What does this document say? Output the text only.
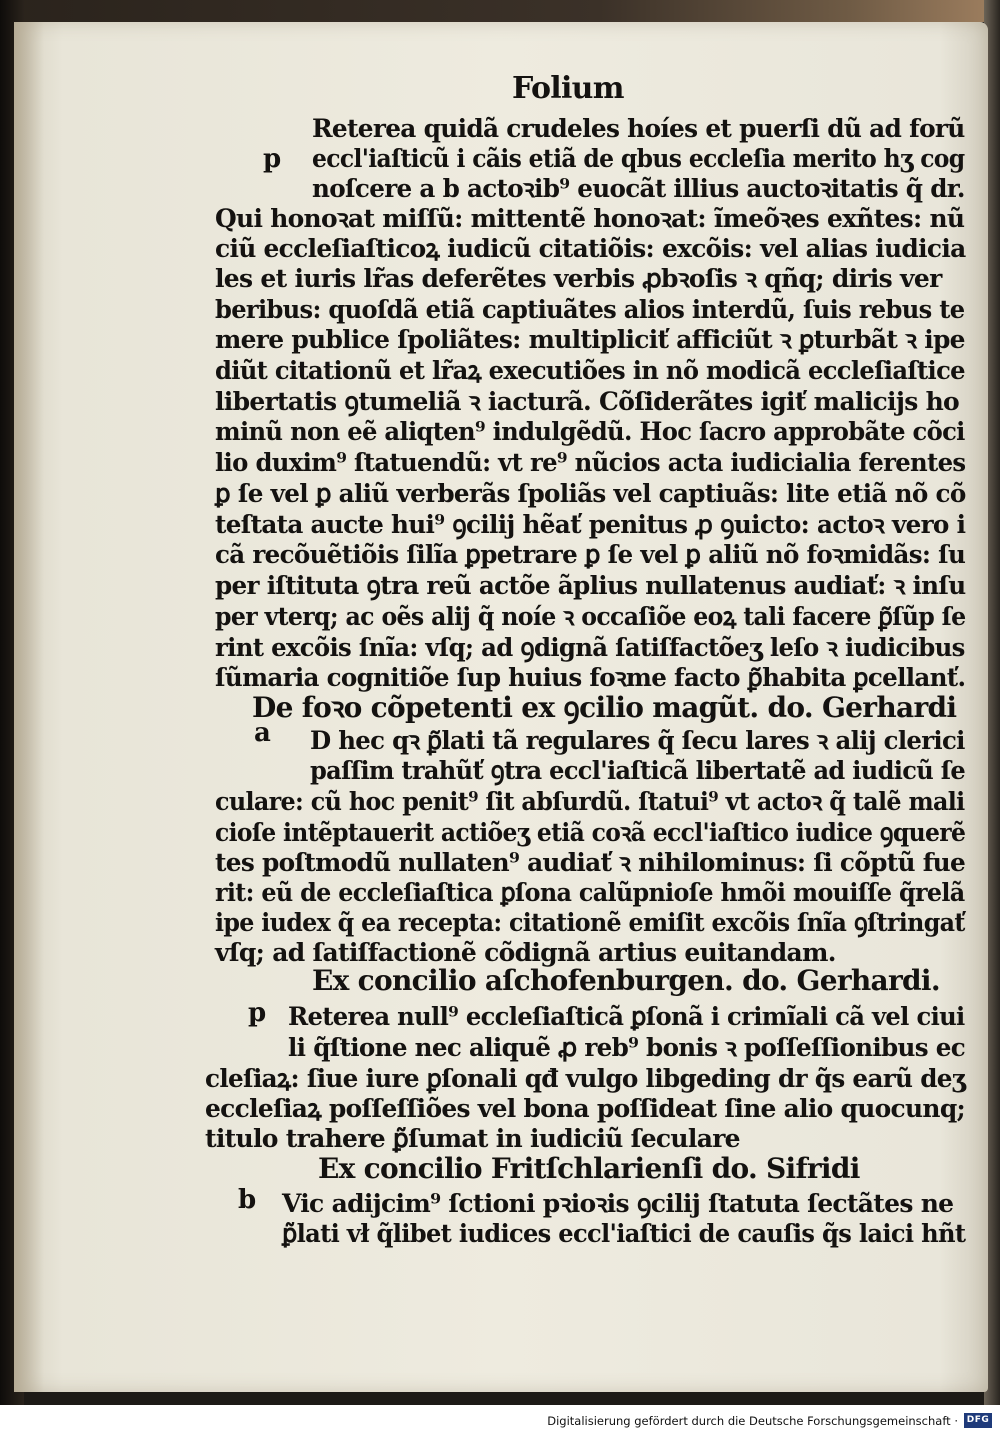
Folium
p
a
p
b
Reterea quidã crudeles hoíes et puerſi dũ ad forũ
eccl'iaſticũ i cãis etiã de qbus eccleſia merito hʒ cog
noſcere a b actoꝛib⁹ euocãt illius auctoꝛitatis q̃ dr.
Qui honoꝛat miſſũ: mittentẽ honoꝛat: ĩmeõꝛes exñtes: nũ
ciũ eccleſiaſticoꝝ iudicũ citatiõis: excõis: vel alias iudicia
les et iuris lr̃as deferẽtes verbis ꝓbꝛoſis ꝛ qñq; diris ver
beribus: quoſdã etiã captiuãtes alios interdũ, ſuis rebus te
mere publice ſpoliãtes: multipliciť afficiũt ꝛ ꝑturbãt ꝛ ipe
diũt citationũ et lr̃aꝝ executiões in nõ modicã eccleſiaſtice
libertatis ꝯtumeliã ꝛ iacturã. Cõſiderãtes igiť malicijs ho
minũ non eẽ aliqten⁹ indulgẽdũ. Hoc ſacro approbãte cõci
lio duxim⁹ ſtatuendũ: vt re⁹ nũcios acta iudicialia ferentes
ꝑ ſe vel ꝑ aliũ verberãs ſpoliãs vel captiuãs: lite etiã nõ cõ
teſtata aucte hui⁹ ꝯcilij hẽať penitus ꝓ ꝯuicto: actoꝛ vero i
cã recõuẽtiõis ſilĩa ꝑpetrare ꝑ ſe vel ꝑ aliũ nõ foꝛmidãs: ſu
per iſtituta ꝯtra reũ actõe ãplius nullatenus audiať: ꝛ inſu
per vterq; ac oẽs alij q̃ noíe ꝛ occaſiõe eoꝝ tali facere ꝑ̃ſũp ſe
rint excõis ſnĩa: vſq; ad ꝯdignã ſatiſfactõeʒ leſo ꝛ iudicibus
ſũmaria cognitiõe ſup huius foꝛme facto ꝑ̃habita ꝑcellanť.
De foꝛo cõpetenti ex ꝯcilio magũt. do. Gerhardi
D hec qꝛ ꝑ̃lati tã regulares q̃ ſecu lares ꝛ alij clerici
paſſim trahũť ꝯtra eccl'iaſticã libertatẽ ad iudicũ ſe
culare: cũ hoc penit⁹ ſit abſurdũ. ſtatui⁹ vt actoꝛ q̃ talẽ mali
cioſe intẽptauerit actiõeʒ etiã coꝛã eccl'iaſtico iudice ꝯquerẽ
tes poſtmodũ nullaten⁹ audiať ꝛ nihilominus: ſi cõptũ fue
rit: eũ de eccleſiaſtica ꝑſona calũpnioſe hmõi mouiſſe q̃relã
ipe iudex q̃ ea recepta: citationẽ emiſit excõis ſnĩa ꝯſtringať
vſq; ad ſatiſfactionẽ cõdignã artius euitandam.
Ex concilio aſchofenburgen. do. Gerhardi.
Reterea null⁹ eccleſiaſticã ꝑſonã i crimĩali cã vel ciui
li q̃ſtione nec aliquẽ ꝓ reb⁹ bonis ꝛ poſſeſſionibus ec
cleſiaꝝ: ſiue iure ꝑſonali qđ vulgo libgeding dr q̃s earũ deʒ
eccleſiaꝝ poſſeſſiões vel bona poſſideat ſine alio quocunq;
titulo trahere ꝑ̃ſumat in iudiciũ ſeculare
Ex concilio Fritſchlarienſi do. Sifridi
Vic adijcim⁹ ſctioni pꝛioꝛis ꝯcilij ſtatuta ſectãtes ne
ꝑ̃lati vł q̃libet iudices eccl'iaſtici de cauſis q̃s laici hñt
Digitalisierung gefördert durch die Deutsche Forschungsgemeinschaft · DFG
